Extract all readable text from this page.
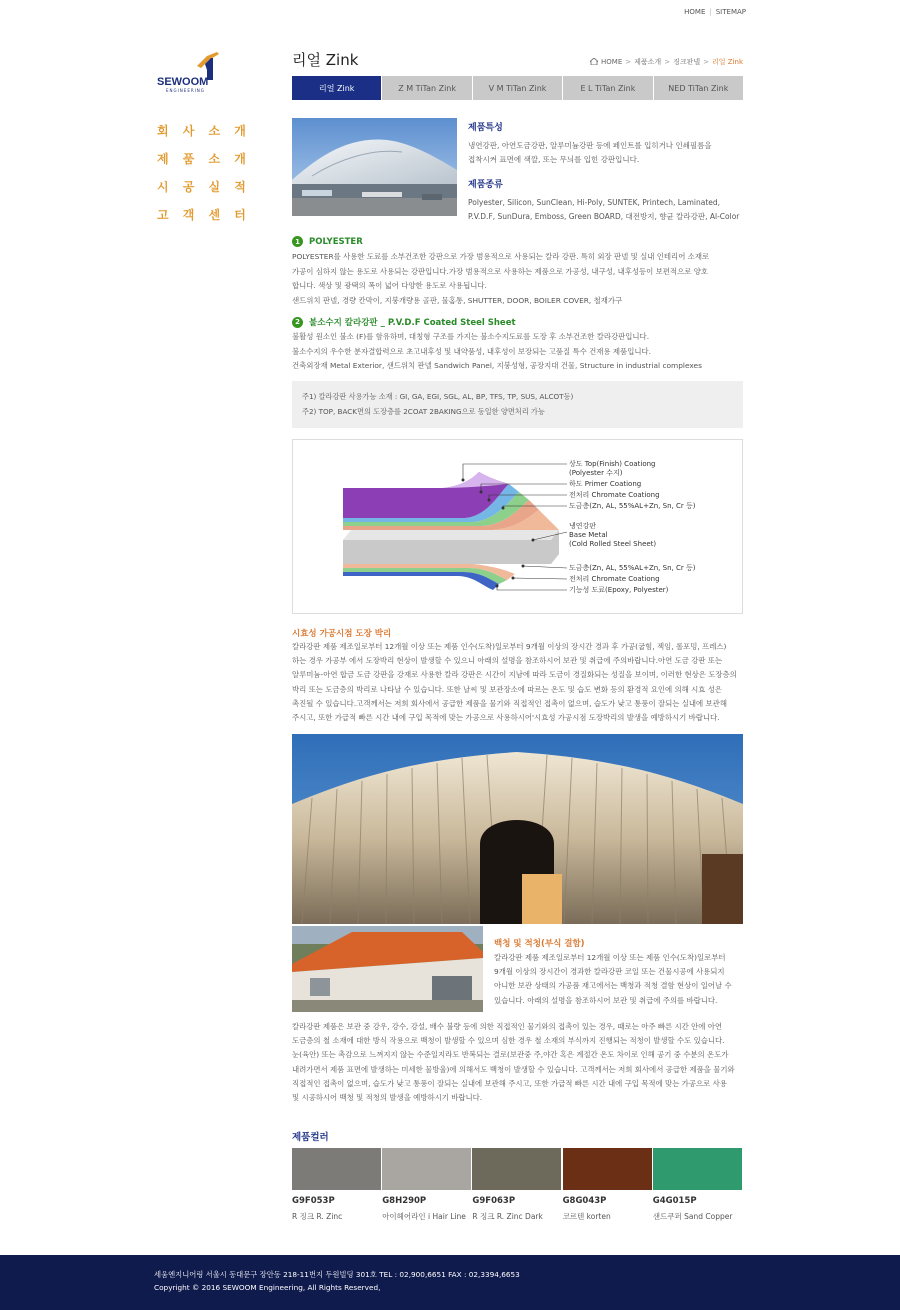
HOME | SITEMAP
SEWOOM
ENGINEERING
회 사 소 개
제 품 소 개
시 공 실 적
고 객 센 터
리얼 Zink	HOME > 제품소개 > 징크판넬 > 리얼 Zink
리얼 Zink	Z M TiTan Zink	V M TiTan Zink	E L TiTan Zink	NED TiTan Zink
제품특성

냉연강판, 아연도금강판, 알루미늄강판 등에 페인트를 입히거나 인쇄필름을

접착시켜 표면에 색깔, 또는 무늬를 입힌 강판입니다.

제품종류

Polyester, Silicon, SunClean, Hi-Poly, SUNTEK, Printech, Laminated,

P.V.D.F, SunDura, Emboss, Green BOARD, 대전방지, 향균 칼라강판, Al-Color

1	POLYESTER
POLYESTER를 사용한 도료를 소부건조한 강판으로 가장 범용적으로 사용되는 칼라 강판. 특히 외장 판넬 및 실내 인테리어 소재로
가공이 심하지 않는 용도로 사용되는 강판입니다.가장 범용적으로 사용하는 제품으로 가공성, 내구성, 내후성등이 보편적으로 양호
합니다. 색상 및 광택의 폭이 넓어 다양한 용도로 사용됩니다.
샌드위치 판넬, 경량 칸막이, 지붕개량용 골판, 물홈통, SHUTTER, DOOR, BOILER COVER, 철재가구
2	불소수지 칼라강판 _ P.V.D.F Coated Steel Sheet
불활성 원소인 불소 (F)를 함유하며, 대칭형 구조를 가지는 불소수지도료를 도장 후 소부건조한 칼라강판입니다.
불소수지의 우수한 분자결합력으로 초고내후성 및 내약품성, 내후성이 보장되는 고품질 특수 건재용 제품입니다.
건축외장재 Metal Exterior, 샌드위치 판넬 Sandwich Panel, 지붕성형, 공장지대 건물, Structure in industrial complexes
주1) 칼라강판 사용가능 소재 : GI, GA, EGI, SGL, AL, BP, TFS, TP, SUS, ALCOT등)
주2) TOP, BACK면의 도장층를 2COAT 2BAKING으로 동일한 양면처리 가능
상도 Top(Finish) Coationg
(Polyester 수지)
하도 Primer Coationg
전처리 Chromate Coationg
도금층(Zn, AL, 55%AL+Zn, Sn, Cr 등)
냉연강판
Base Metal
(Cold Rolled Steel Sheet)
도금층(Zn, AL, 55%AL+Zn, Sn, Cr 등)
전처리 Chromate Coationg
기능성 도료(Epoxy, Polyester)
시효성 가공시점 도장 박리
칼라강판 제품 제조일로부터 12개월 이상 또는 제품 인수(도착)일로부터 9개월 이상의 장시간 경과 후 가공(굽힘, 젝임, 롤포밍, 프레스)
하는 경우 가공부 에서 도장박리 현상이 발생할 수 있으니 아래의 설명을 참조하시어 보관 및 취급에 주의바랍니다.아연 도금 강판 또는
알루미늄-아연 합금 도금 강판을 강재로 사용한 칼라 강판은 시간이 지남에 따라 도금이 경질화되는 성질을 보이며, 이러한 현상은 도장층의
박리 또는 도금층의 박리로 나타날 수 있습니다. 또한 날씨 및 보관장소에 따르는 온도 및 습도 변화 등의 환경적 요인에 의해 시효 성은
촉진될 수 있습니다.고객께서는 저희 회사에서 공급한 제품을 물기와 직접적인 접촉이 없으며, 습도가 낮고 통풍이 잘되는 실내에 보관해
주시고, 또한 가급적 빠른 시간 내에 구입 목적에 맞는 가공으로 사용하시어'시효성 가공시점 도장박리의 발생을 예방하시기 바랍니다.
백청 및 적청(부식 결함)
칼라강판 제품 제조일로부터 12개월 이상 또는 제품 인수(도착)일로부터
9개월 이상의 장시간이 경과한 칼라강판 코일 또는 건물시공에 사용되지
아니한 보관 상태의 가공품 재고에서는 백청과 적청 결함 현상이 일어날 수
있습니다. 아래의 설명을 참조하시어 보관 및 취급에 주의를 바랍니다.
칼라강판 제품은 보관 중 강우, 강수, 강설, 배수 불량 등에 의한 직접적인 물기와의 접촉이 있는 경우, 때로는 아주 빠른 시간 안에 아연
도금층의 철 소재에 대한 방식 작용으로 백청이 발생할 수 있으며 심한 경우 철 소재의 부식까지 진행되는 적청이 발생할 수도 있습니다.
눈(육안) 또는 촉감으로 느껴지지 않는 수준일지라도 반복되는 결로(보관중 주,야간 혹은 계절간 온도 차이로 인해 공기 중 수분의 온도가
내려가면서 제품 표면에 발생하는 미세한 물방울)에 의해서도 백청이 발생할 수 있습니다. 고객께서는 저희 회사에서 공급한 제품을 물기와
직접적인 접촉이 없으며, 습도가 낮고 통풍이 잘되는 실내에 보관해 주시고, 또한 가급적 빠른 시간 내에 구입 목적에 맞는 가공으로 사용
및 시공하시어 백청 및 적청의 발생을 예방하시기 바랍니다.
제품컬러
G9F053P
R 징크 R. Zinc
G8H290P
아이헤어라인 i Hair Line
G9F063P
R 징크 R. Zinc Dark
G8G043P
코르텐 korten
G4G015P
샌드쿠퍼 Sand Copper
세움엔지니어링 서울시 동대문구 장안동 218-11번지 두원빌딩 301호 TEL : 02,900,6651 FAX : 02,3394,6653
Copyright © 2016 SEWOOM Engineering, All Rights Reserved,
